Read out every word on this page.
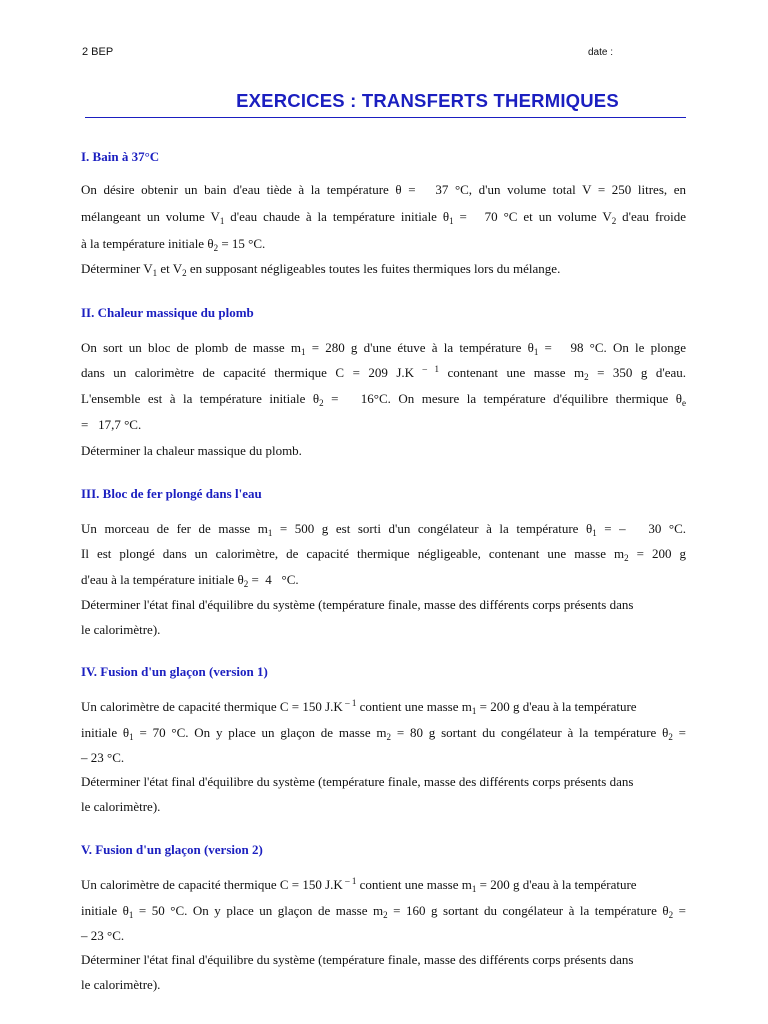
2 BEP	date :
EXERCICES : TRANSFERTS THERMIQUES
I. Bain à 37°C
On désire obtenir un bain d'eau tiède à la température θ =   37 °C, d'un volume total V = 250 litres, en
mélangeant un volume $V_1$ d'eau chaude à la température initiale $\theta_1 = 70$ °C et un volume $V_2$ d'eau froide
à la température initiale $\theta_2 = 15$ °C.
Déterminer $V_1$ et $V_2$ en supposant négligeables toutes les fuites thermiques lors du mélange.
II. Chaleur massique du plomb
On sort un bloc de plomb de masse $m_1 = 280$ g d'une étuve à la température $\theta_1 = 98$ °C. On le plonge
dans un calorimètre de capacité thermique C = 209 J.K $^{- 1}$ contenant une masse $m_2 = 350$ g d'eau.
L'ensemble est à la température initiale $\theta_2 = 16^\circ C$. On mesure la température d'équilibre thermique $\theta_e$
=   17,7 °C.
Déterminer la chaleur massique du plomb.
III. Bloc de fer plongé dans l'eau
Un morceau de fer de masse $m_1 = 500$ g est sorti d'un congélateur à la température $\theta_1$ = –   30 °C.
Il est plongé dans un calorimètre, de capacité thermique négligeable, contenant une masse $m_2 = 200$ g
d'eau à la température initiale $\theta_2 = 4$   °C.
Déterminer l'état final d'équilibre du système (température finale, masse des différents corps présents dans
le calorimètre).
IV. Fusion d'un glaçon (version 1)
Un calorimètre de capacité thermique C = 150 J.K $^{- 1}$ contient une masse $m_1 = 200$ g d'eau à la température
initiale $\theta_1 = 70$ °C. On y place un glaçon de masse $m_2 = 80$ g sortant du congélateur à la température $\theta_2$ =
– 23 °C.
Déterminer l'état final d'équilibre du système (température finale, masse des différents corps présents dans
le calorimètre).
V. Fusion d'un glaçon (version 2)
Un calorimètre de capacité thermique C = 150 J.K $^{- 1}$ contient une masse $m_1 = 200$ g d'eau à la température
initiale $\theta_1 = 50$ °C. On y place un glaçon de masse $m_2 = 160$ g sortant du congélateur à la température $\theta_2$ =
– 23 °C.
Déterminer l'état final d'équilibre du système (température finale, masse des différents corps présents dans
le calorimètre).
